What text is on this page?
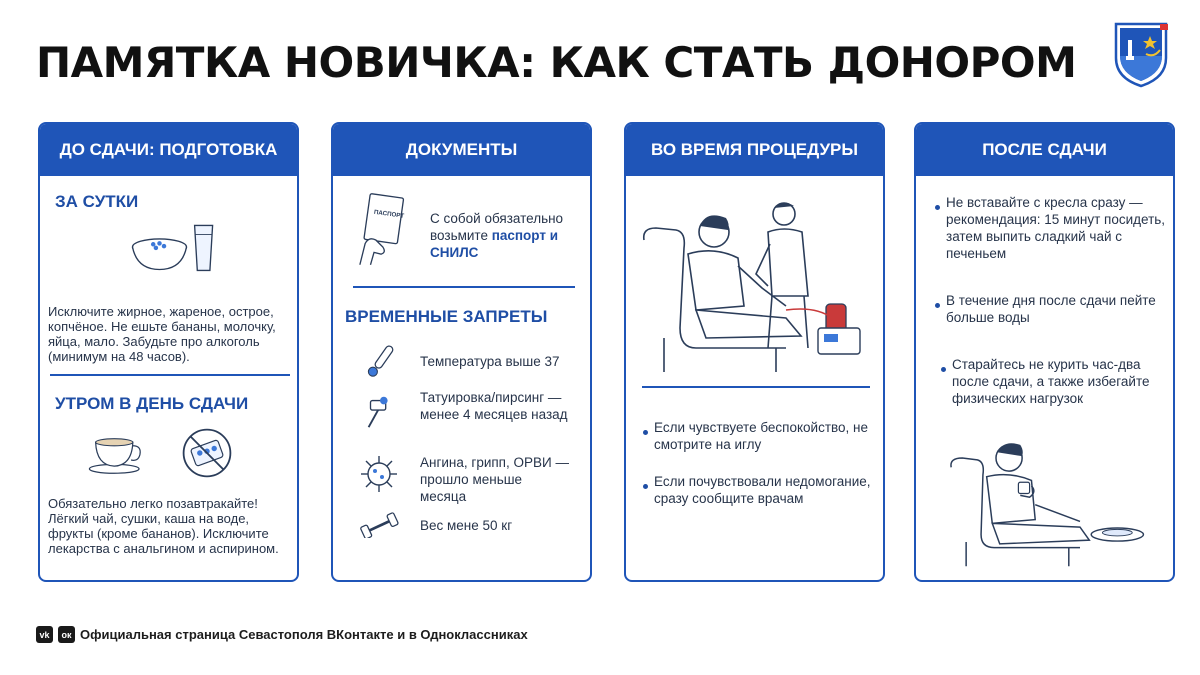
ПАМЯТКА НОВИЧКА: КАК СТАТЬ ДОНОРОМ
ДО СДАЧИ: ПОДГОТОВКА
ЗА СУТКИ
Исключите жирное, жареное, острое, копчёное. Не ешьте бананы, молочку, яйца, мало. Забудьте про алкоголь (минимум на 48 часов).
УТРОМ В ДЕНЬ СДАЧИ
Обязательно легко позавтракайте! Лёгкий чай, сушки, каша на воде, фрукты (кроме бананов). Исключите лекарства с анальгином и аспирином.
ДОКУМЕНТЫ
ПАСПОРТ С собой обязательно возьмите паспорт и СНИЛС
ВРЕМЕННЫЕ ЗАПРЕТЫ
Температура выше 37
Татуировка/пирсинг — менее 4 месяцев назад
Ангина, грипп, ОРВИ — прошло меньше месяца
Вес мене 50 кг
ВО ВРЕМЯ ПРОЦЕДУРЫ
Если чувствуете беспокойство, не смотрите на иглу
Если почувствовали недомогание, сразу сообщите врачам
ПОСЛЕ СДАЧИ
Не вставайте с кресла сразу — рекомендация: 15 минут посидеть, затем выпить сладкий чай с печеньем
В течение дня после сдачи пейте больше воды
Старайтесь не курить час-два после сдачи, а также избегайте физических нагрузок
vk	ок Официальная страница Севастополя ВКонтакте и в Одноклассниках
